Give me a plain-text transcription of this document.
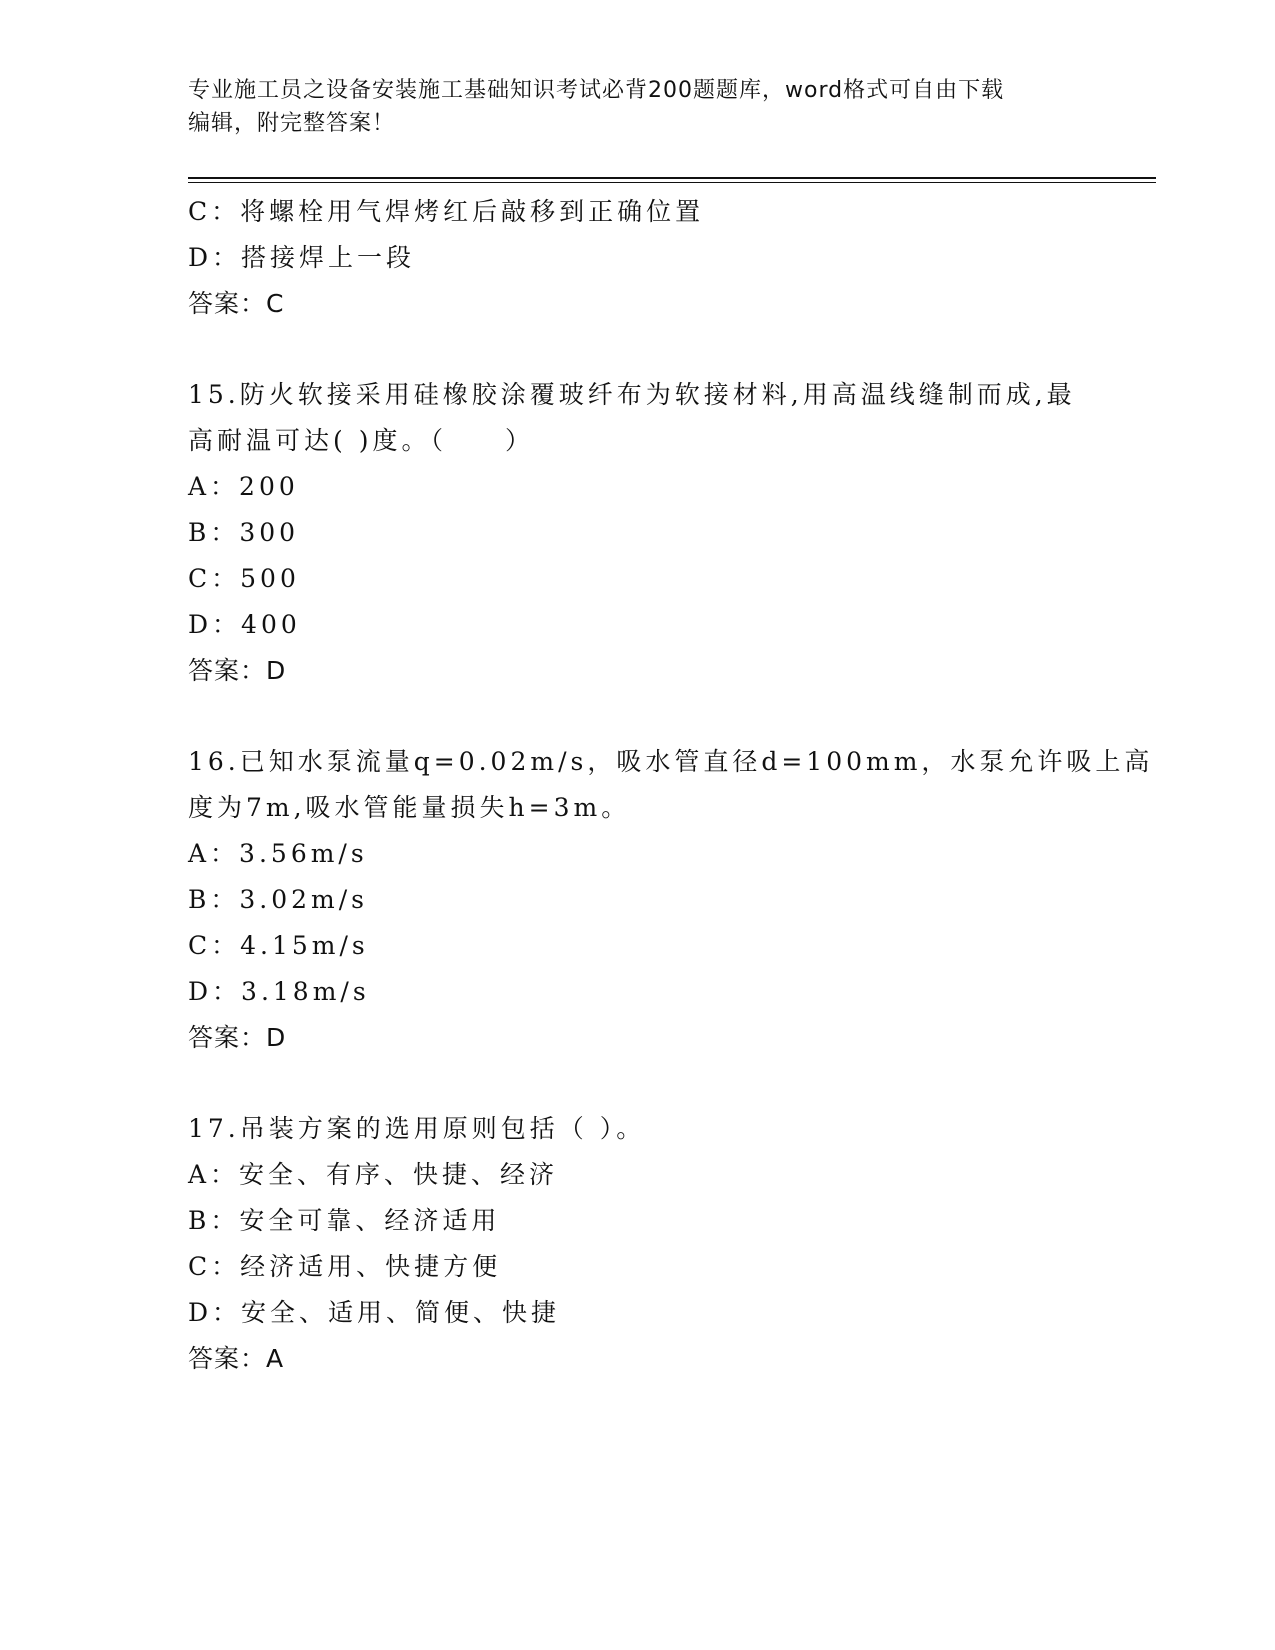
专业施工员之设备安装施工基础知识考试必背200题题库，word格式可自由下载
编辑，附完整答案！
C：将螺栓用气焊烤红后敲移到正确位置
D：搭接焊上一段
答案：C
15.防火软接采用硅橡胶涂覆玻纤布为软接材料,用高温线缝制而成,最
高耐温可达( )度。（　　）
A：200
B：300
C：500
D：400
答案：D
16.已知水泵流量q=0.02m/s，吸水管直径d=100mm，水泵允许吸上高
度为7m,吸水管能量损失h=3m。
A：3.56m/s
B：3.02m/s
C：4.15m/s
D：3.18m/s
答案：D
17.吊装方案的选用原则包括（ ）。
A：安全、有序、快捷、经济
B：安全可靠、经济适用
C：经济适用、快捷方便
D：安全、适用、简便、快捷
答案：A
